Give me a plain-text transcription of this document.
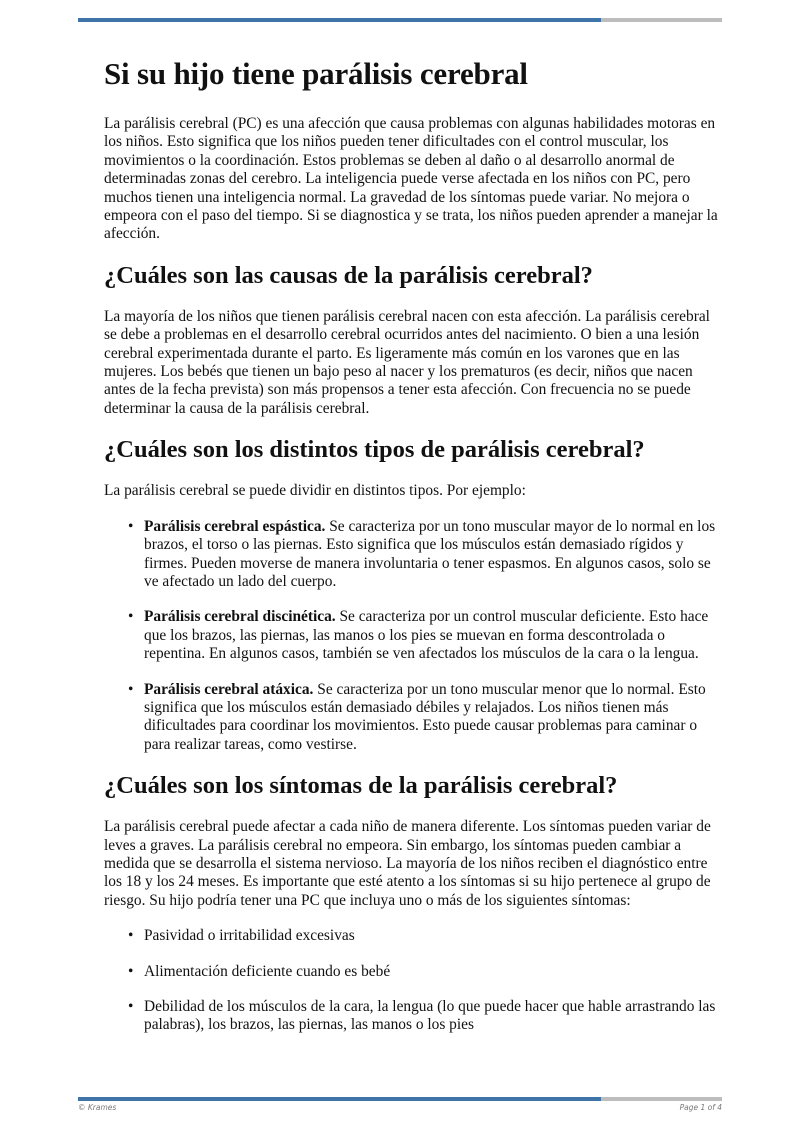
Si su hijo tiene parálisis cerebral

La parálisis cerebral (PC) es una afección que causa problemas con algunas habilidades motoras en los niños. Esto significa que los niños pueden tener dificultades con el control muscular, los movimientos o la coordinación. Estos problemas se deben al daño o al desarrollo anormal de determinadas zonas del cerebro. La inteligencia puede verse afectada en los niños con PC, pero muchos tienen una inteligencia normal. La gravedad de los síntomas puede variar. No mejora o empeora con el paso del tiempo. Si se diagnostica y se trata, los niños pueden aprender a manejar la afección.

¿Cuáles son las causas de la parálisis cerebral?

La mayoría de los niños que tienen parálisis cerebral nacen con esta afección. La parálisis cerebral se debe a problemas en el desarrollo cerebral ocurridos antes del nacimiento. O bien a una lesión cerebral experimentada durante el parto. Es ligeramente más común en los varones que en las mujeres. Los bebés que tienen un bajo peso al nacer y los prematuros (es decir, niños que nacen antes de la fecha prevista) son más propensos a tener esta afección. Con frecuencia no se puede determinar la causa de la parálisis cerebral.

¿Cuáles son los distintos tipos de parálisis cerebral?

La parálisis cerebral se puede dividir en distintos tipos. Por ejemplo:

• Parálisis cerebral espástica. Se caracteriza por un tono muscular mayor de lo normal en los brazos, el torso o las piernas. Esto significa que los músculos están demasiado rígidos y firmes. Pueden moverse de manera involuntaria o tener espasmos. En algunos casos, solo se ve afectado un lado del cuerpo.
• Parálisis cerebral discinética. Se caracteriza por un control muscular deficiente. Esto hace que los brazos, las piernas, las manos o los pies se muevan en forma descontrolada o repentina. En algunos casos, también se ven afectados los músculos de la cara o la lengua.
• Parálisis cerebral atáxica. Se caracteriza por un tono muscular menor que lo normal. Esto significa que los músculos están demasiado débiles y relajados. Los niños tienen más dificultades para coordinar los movimientos. Esto puede causar problemas para caminar o para realizar tareas, como vestirse.
¿Cuáles son los síntomas de la parálisis cerebral?

La parálisis cerebral puede afectar a cada niño de manera diferente. Los síntomas pueden variar de leves a graves. La parálisis cerebral no empeora. Sin embargo, los síntomas pueden cambiar a medida que se desarrolla el sistema nervioso. La mayoría de los niños reciben el diagnóstico entre los 18 y los 24 meses. Es importante que esté atento a los síntomas si su hijo pertenece al grupo de riesgo. Su hijo podría tener una PC que incluya uno o más de los siguientes síntomas:

• Pasividad o irritabilidad excesivas
• Alimentación deficiente cuando es bebé
• Debilidad de los músculos de la cara, la lengua (lo que puede hacer que hable arrastrando las palabras), los brazos, las piernas, las manos o los pies
© Krames	Page 1 of 4
